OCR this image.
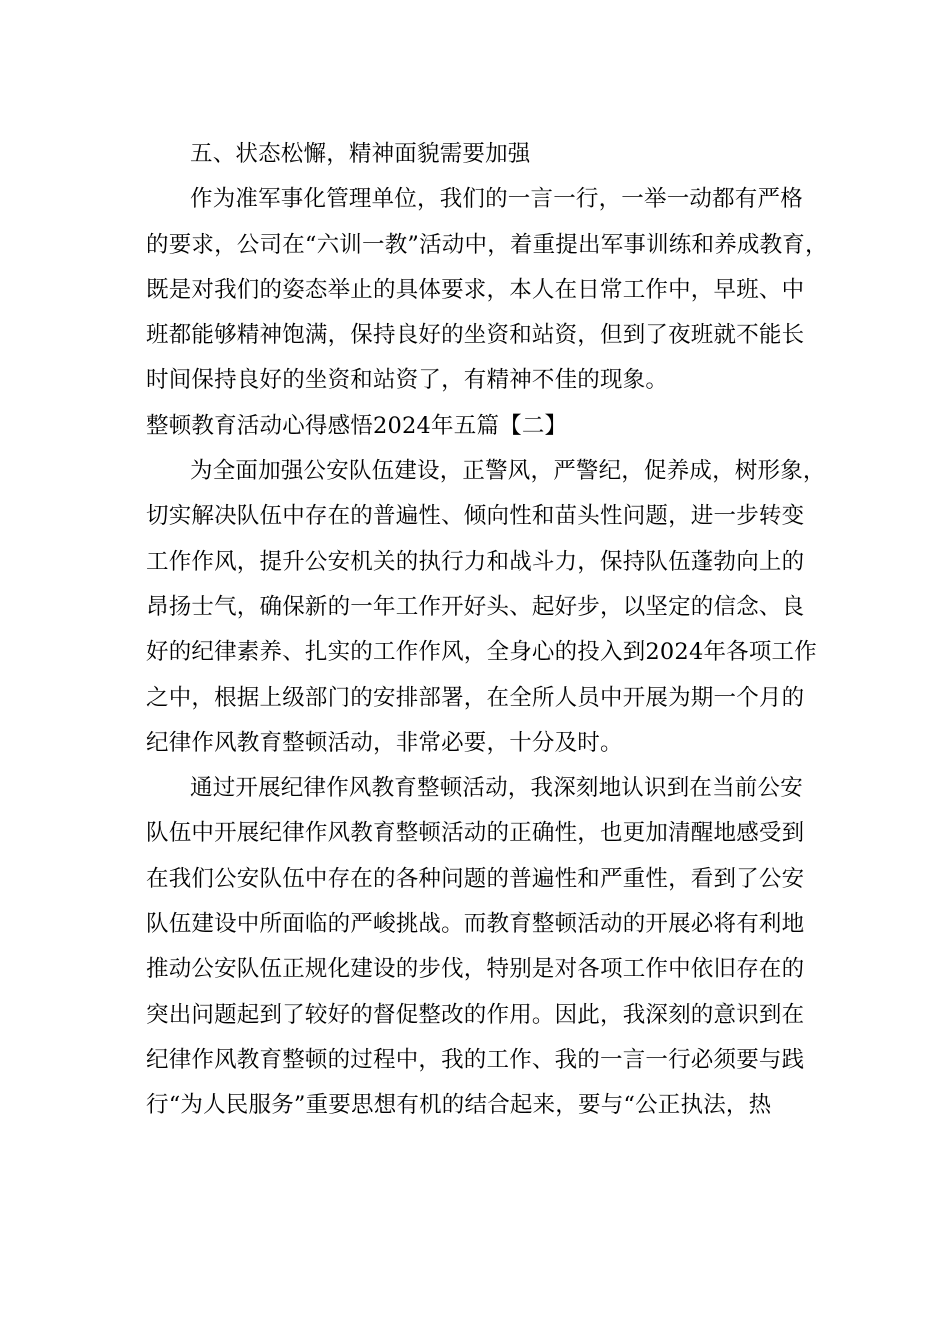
五、状态松懈，精神面貌需要加强
作为准军事化管理单位，我们的一言一行，一举一动都有严格
的要求，公司在“六训一教”活动中，着重提出军事训练和养成教育，
既是对我们的姿态举止的具体要求，本人在日常工作中，早班、中
班都能够精神饱满，保持良好的坐资和站资，但到了夜班就不能长
时间保持良好的坐资和站资了，有精神不佳的现象。
整顿教育活动心得感悟2024年五篇【二】
为全面加强公安队伍建设，正警风，严警纪，促养成，树形象，
切实解决队伍中存在的普遍性、倾向性和苗头性问题，进一步转变
工作作风，提升公安机关的执行力和战斗力，保持队伍蓬勃向上的
昂扬士气，确保新的一年工作开好头、起好步，以坚定的信念、良
好的纪律素养、扎实的工作作风，全身心的投入到2024年各项工作
之中，根据上级部门的安排部署，在全所人员中开展为期一个月的
纪律作风教育整顿活动，非常必要，十分及时。
通过开展纪律作风教育整顿活动，我深刻地认识到在当前公安
队伍中开展纪律作风教育整顿活动的正确性，也更加清醒地感受到
在我们公安队伍中存在的各种问题的普遍性和严重性，看到了公安
队伍建设中所面临的严峻挑战。而教育整顿活动的开展必将有利地
推动公安队伍正规化建设的步伐，特别是对各项工作中依旧存在的
突出问题起到了较好的督促整改的作用。因此，我深刻的意识到在
纪律作风教育整顿的过程中，我的工作、我的一言一行必须要与践
行“为人民服务”重要思想有机的结合起来，要与“公正执法，热
